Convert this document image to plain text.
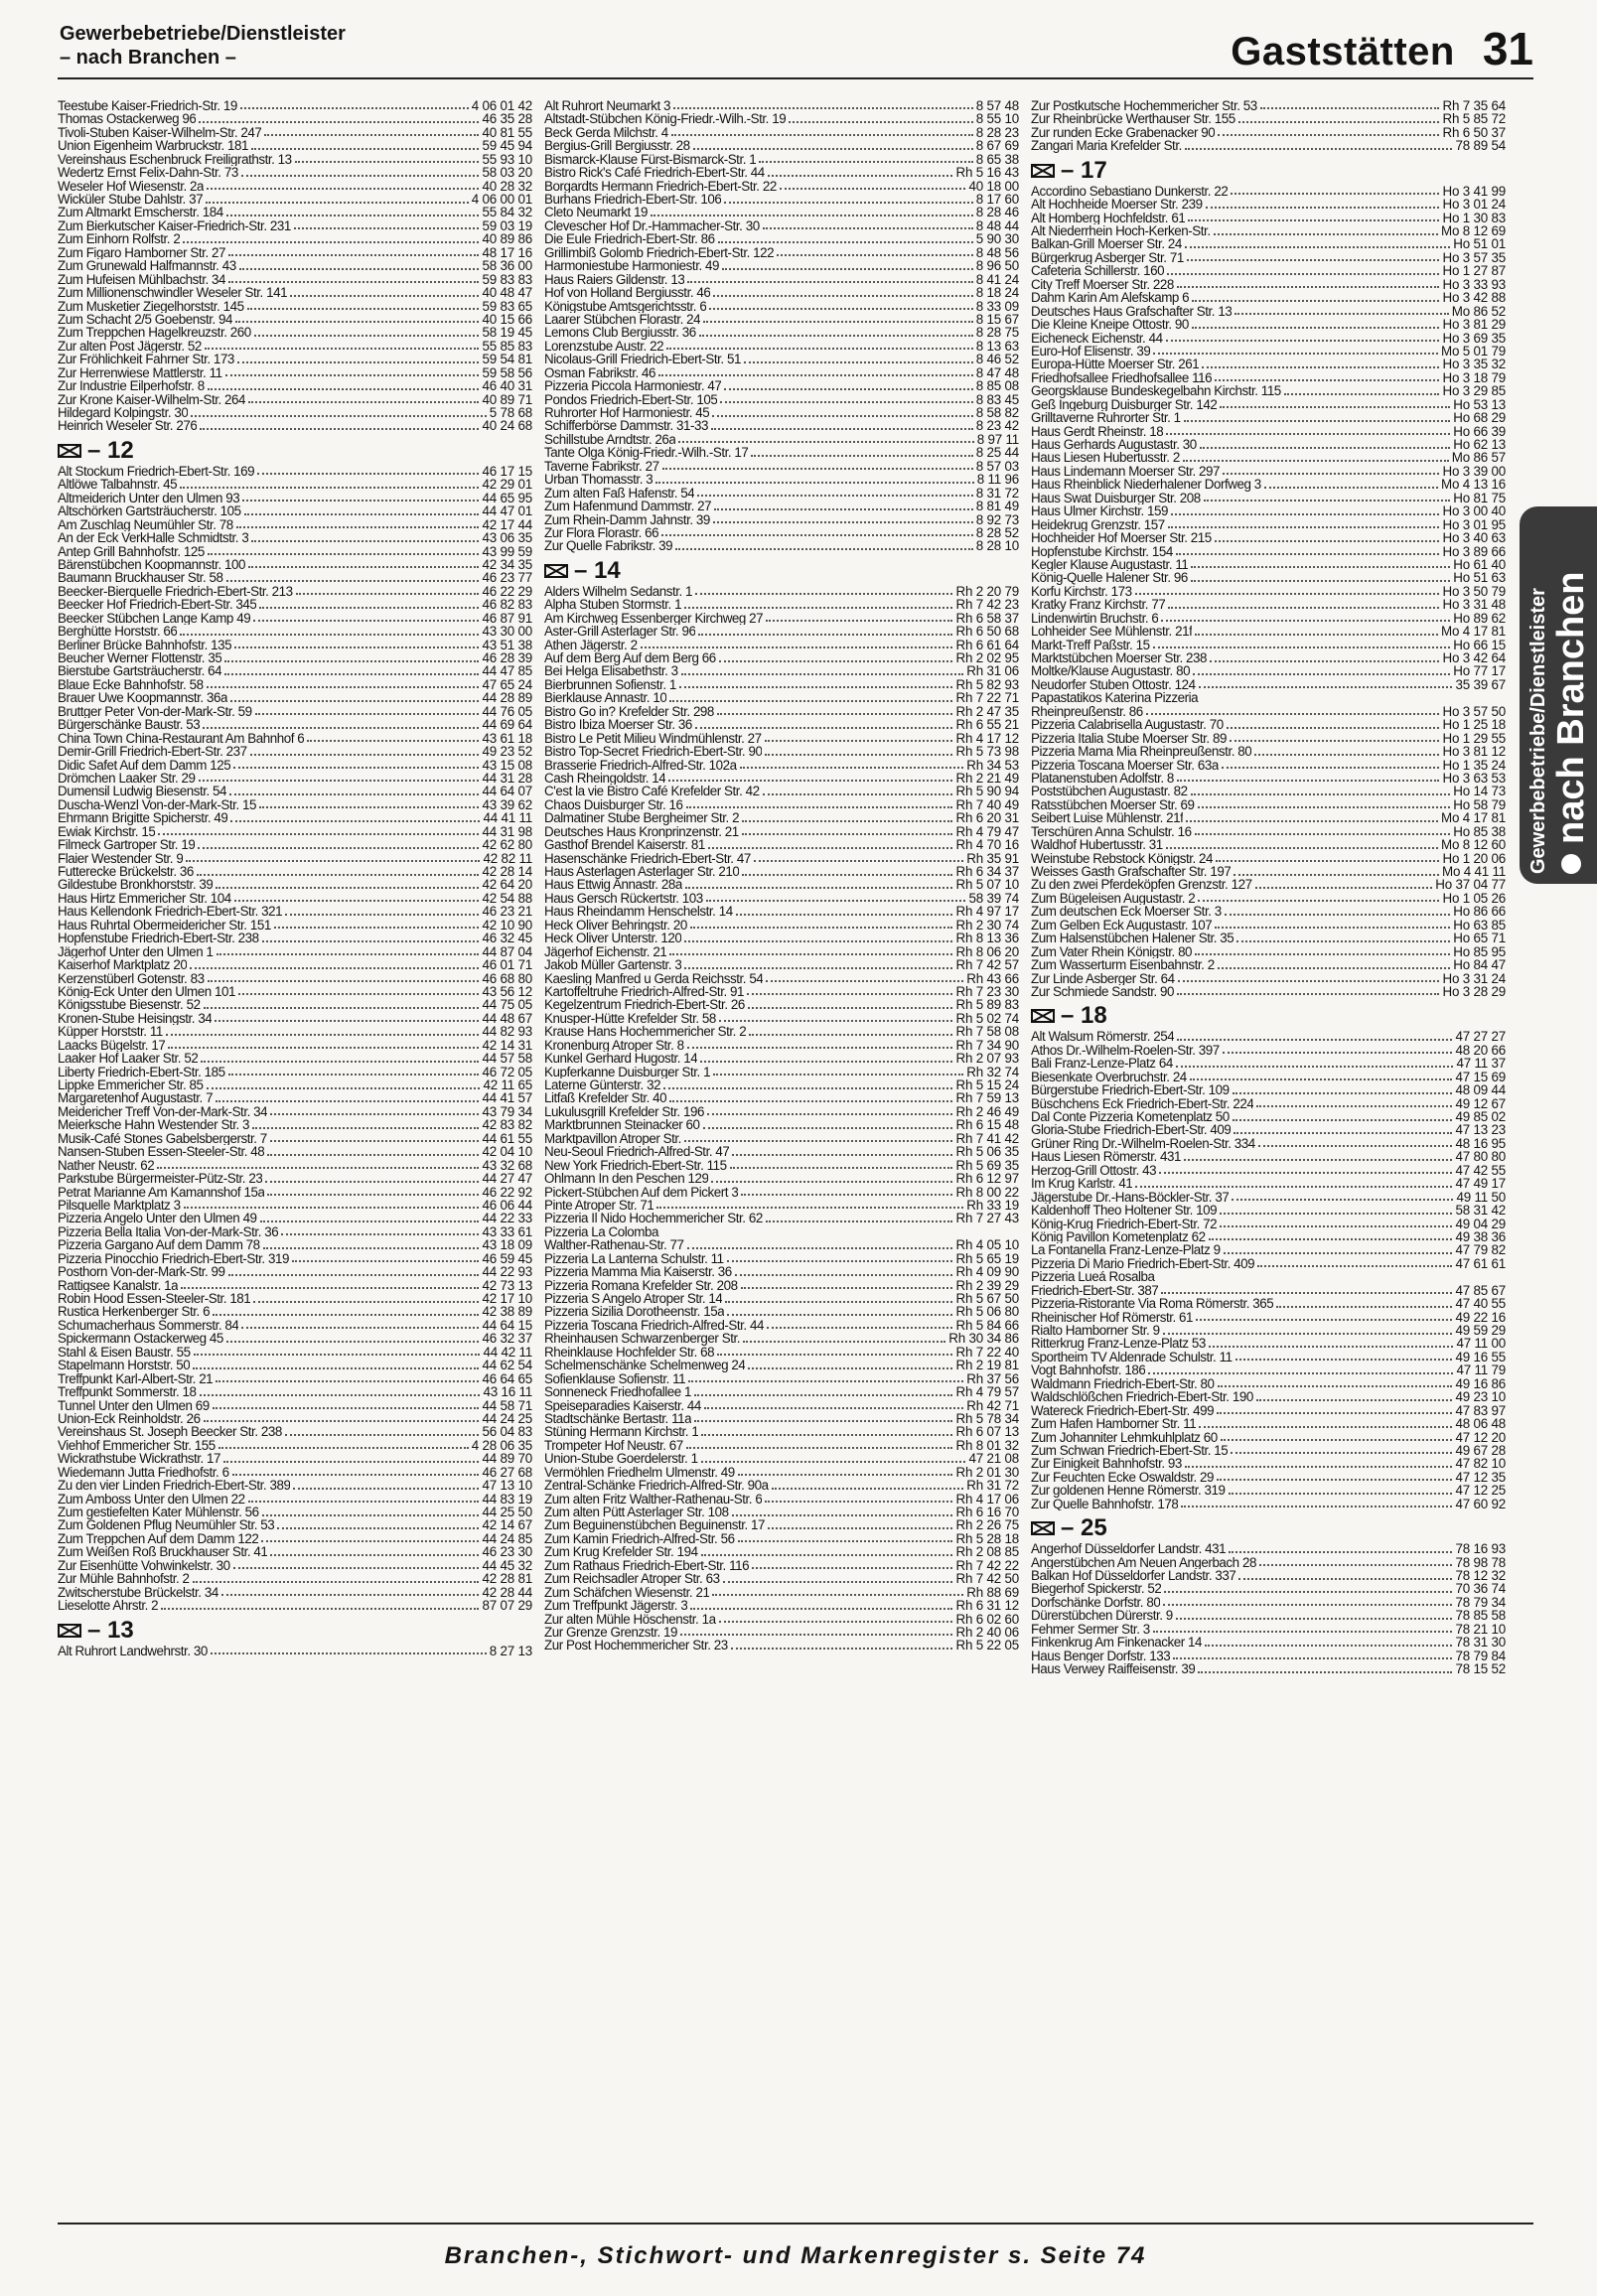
Gewerbebetriebe/Dienstleister
– nach Branchen –	Gaststätten 31
Teestube Kaiser-Friedrich-Str. 19	4 06 01 42
Thomas Ostackerweg 96	46 35 28
Tivoli-Stuben Kaiser-Wilhelm-Str. 247	40 81 55
Union Eigenheim Warbruckstr. 181	59 45 94
Vereinshaus Eschenbruck Freiligrathstr. 13	55 93 10
Wedertz Ernst Felix-Dahn-Str. 73	58 03 20
Weseler Hof Wiesenstr. 2a	40 28 32
Wicküler Stube Dahlstr. 37	4 06 00 01
Zum Altmarkt Emscherstr. 184	55 84 32
Zum Bierkutscher Kaiser-Friedrich-Str. 231	59 03 19
Zum Einhorn Rolfstr. 2	40 89 86
Zum Figaro Hamborner Str. 27	48 17 16
Zum Grunewald Halfmannstr. 43	58 36 00
Zum Hufeisen Mühlbachstr. 34	59 83 83
Zum Millionenschwindler Weseler Str. 141	40 48 47
Zum Musketier Ziegelhorststr. 145	59 83 65
Zum Schacht 2/5 Goebenstr. 94	40 15 66
Zum Treppchen Hagelkreuzstr. 260	58 19 45
Zur alten Post Jägerstr. 52	55 85 83
Zur Fröhlichkeit Fahrner Str. 173	59 54 81
Zur Herrenwiese Mattlerstr. 11	59 58 56
Zur Industrie Eilperhofstr. 8	46 40 31
Zur Krone Kaiser-Wilhelm-Str. 264	40 89 71
Hildegard Kolpingstr. 30	5 78 68
Heinrich Weseler Str. 276	40 24 68
– 12
Alt Stockum Friedrich-Ebert-Str. 169	46 17 15
Altlöwe Talbahnstr. 45	42 29 01
Altmeiderich Unter den Ulmen 93	44 65 95
Altschörken Gartsträucherstr. 105	44 47 01
Am Zuschlag Neumühler Str. 78	42 17 44
An der Eck VerkHalle Schmidtstr. 3	43 06 35
Antep Grill Bahnhofstr. 125	43 99 59
Bärenstübchen Koopmannstr. 100	42 34 35
Baumann Bruckhauser Str. 58	46 23 77
Beecker-Bierquelle Friedrich-Ebert-Str. 213	46 22 29
Beecker Hof Friedrich-Ebert-Str. 345	46 82 83
Beecker Stübchen Lange Kamp 49	46 87 91
Berghütte Horststr. 66	43 30 00
Berliner Brücke Bahnhofstr. 135	43 51 38
Beucher Werner Flottenstr. 35	46 28 39
Bierstube Gartsträucherstr. 64	44 47 85
Blaue Ecke Bahnhofstr. 58	47 65 24
Brauer Uwe Koopmannstr. 36a	44 28 89
Bruttger Peter Von-der-Mark-Str. 59	44 76 05
Bürgerschänke Baustr. 53	44 69 64
China Town China-Restaurant Am Bahnhof 6	43 61 18
Demir-Grill Friedrich-Ebert-Str. 237	49 23 52
Didic Safet Auf dem Damm 125	43 15 08
Drömchen Laaker Str. 29	44 31 28
Dumensil Ludwig Biesenstr. 54	44 64 07
Duscha-Wenzl Von-der-Mark-Str. 15	43 39 62
Ehrmann Brigitte Spicherstr. 49	44 41 11
Ewiak Kirchstr. 15	44 31 98
Filmeck Gartroper Str. 19	42 62 80
Flaier Westender Str. 9	42 82 11
Futterecke Brückelstr. 36	42 28 14
Gildestube Bronkhorststr. 39	42 64 20
Haus Hirtz Emmericher Str. 104	42 54 88
Haus Kellendonk Friedrich-Ebert-Str. 321	46 23 21
Haus Ruhrtal Obermeidericher Str. 151	42 10 90
Hopfenstube Friedrich-Ebert-Str. 238	46 32 45
Jägerhof Unter den Ulmen 1	44 87 04
Kaiserhof Marktplatz 20	46 01 71
Kerzenstüberl Gotenstr. 83	46 68 80
König-Eck Unter den Ulmen 101	43 56 12
Königsstube Biesenstr. 52	44 75 05
Kronen-Stube Heisingstr. 34	44 48 67
Küpper Horststr. 11	44 82 93
Laacks Bügelstr. 17	42 14 31
Laaker Hof Laaker Str. 52	44 57 58
Liberty Friedrich-Ebert-Str. 185	46 72 05
Lippke Emmericher Str. 85	42 11 65
Margaretenhof Augustastr. 7	44 41 57
Meidericher Treff Von-der-Mark-Str. 34	43 79 34
Meierksche Hahn Westender Str. 3	42 83 82
Musik-Café Stones Gabelsbergerstr. 7	44 61 55
Nansen-Stuben Essen-Steeler-Str. 48	42 04 10
Nather Neustr. 62	43 32 68
Parkstube Bürgermeister-Pütz-Str. 23	44 27 47
Petrat Marianne Am Kamannshof 15a	46 22 92
Pilsquelle Marktplatz 3	46 06 44
Pizzeria Angelo Unter den Ulmen 49	44 22 33
Pizzeria Bella Italia Von-der-Mark-Str. 36	43 33 61
Pizzeria Gargano Auf dem Damm 78	43 18 09
Pizzeria Pinocchio Friedrich-Ebert-Str. 319	46 59 45
Posthorn Von-der-Mark-Str. 99	44 22 93
Rattigsee Kanalstr. 1a	42 73 13
Robin Hood Essen-Steeler-Str. 181	42 17 10
Rustica Herkenberger Str. 6	42 38 89
Schumacherhaus Sommerstr. 84	44 64 15
Spickermann Ostackerweg 45	46 32 37
Stahl & Eisen Baustr. 55	44 42 11
Stapelmann Horststr. 50	44 62 54
Treffpunkt Karl-Albert-Str. 21	46 64 65
Treffpunkt Sommerstr. 18	43 16 11
Tunnel Unter den Ulmen 69	44 58 71
Union-Eck Reinholdstr. 26	44 24 25
Vereinshaus St. Joseph Beecker Str. 238	56 04 83
Viehhof Emmericher Str. 155	4 28 06 35
Wickrathstube Wickrathstr. 17	44 89 70
Wiedemann Jutta Friedhofstr. 6	46 27 68
Zu den vier Linden Friedrich-Ebert-Str. 389	47 13 10
Zum Amboss Unter den Ulmen 22	44 83 19
Zum gestiefelten Kater Mühlenstr. 56	44 25 50
Zum Goldenen Pflug Neumühler Str. 53	42 14 67
Zum Treppchen Auf dem Damm 122	44 24 85
Zum Weißen Roß Bruckhauser Str. 41	46 23 30
Zur Eisenhütte Vohwinkelstr. 30	44 45 32
Zur Mühle Bahnhofstr. 2	42 28 81
Zwitscherstube Brückelstr. 34	42 28 44
Lieselotte Ahrstr. 2	87 07 29
– 13
Alt Ruhrort Landwehrstr. 30	8 27 13
Alt Ruhrort Neumarkt 3	8 57 48
Altstadt-Stübchen König-Friedr.-Wilh.-Str. 19	8 55 10
Beck Gerda Milchstr. 4	8 28 23
Bergius-Grill Bergiusstr. 28	8 67 69
Bismarck-Klause Fürst-Bismarck-Str. 1	8 65 38
Bistro Rick's Café Friedrich-Ebert-Str. 44	Rh 5 16 43
Borgardts Hermann Friedrich-Ebert-Str. 22	40 18 00
Burhans Friedrich-Ebert-Str. 106	8 17 60
Cleto Neumarkt 19	8 28 46
Clevescher Hof Dr.-Hammacher-Str. 30	8 48 44
Die Eule Friedrich-Ebert-Str. 86	5 90 30
Grillimbiß Golomb Friedrich-Ebert-Str. 122	8 48 56
Harmoniestube Harmoniestr. 49	8 96 50
Haus Raiers Gildenstr. 13	8 41 24
Hof von Holland Bergiusstr. 46	8 18 24
Königstube Amtsgerichtsstr. 6	8 33 09
Laarer Stübchen Florastr. 24	8 15 67
Lemons Club Bergiusstr. 36	8 28 75
Lorenzstube Austr. 22	8 13 63
Nicolaus-Grill Friedrich-Ebert-Str. 51	8 46 52
Osman Fabrikstr. 46	8 47 48
Pizzeria Piccola Harmoniestr. 47	8 85 08
Pondos Friedrich-Ebert-Str. 105	8 83 45
Ruhrorter Hof Harmoniestr. 45	8 58 82
Schifferbörse Dammstr. 31-33	8 23 42
Schillstube Arndtstr. 26a	8 97 11
Tante Olga König-Friedr.-Wilh.-Str. 17	8 25 44
Taverne Fabrikstr. 27	8 57 03
Urban Thomasstr. 3	8 11 96
Zum alten Faß Hafenstr. 54	8 31 72
Zum Hafenmund Dammstr. 27	8 81 49
Zum Rhein-Damm Jahnstr. 39	8 92 73
Zur Flora Florastr. 66	8 28 52
Zur Quelle Fabrikstr. 39	8 28 10
– 14
Alders Wilhelm Sedanstr. 1	Rh 2 20 79
Alpha Stuben Stormstr. 1	Rh 7 42 23
Am Kirchweg Essenberger Kirchweg 27	Rh 6 58 37
Aster-Grill Asterlager Str. 96	Rh 6 50 68
Athen Jägerstr. 2	Rh 6 61 64
Auf dem Berg Auf dem Berg 66	Rh 2 02 95
Bei Helga Elisabethstr. 3	Rh 31 06
Bierbrunnen Sofienstr. 1	Rh 5 82 93
Bierklause Annastr. 10	Rh 7 22 71
Bistro Go in? Krefelder Str. 298	Rh 2 47 35
Bistro Ibiza Moerser Str. 36	Rh 6 55 21
Bistro Le Petit Milieu Windmühlenstr. 27	Rh 4 17 12
Bistro Top-Secret Friedrich-Ebert-Str. 90	Rh 5 73 98
Brasserie Friedrich-Alfred-Str. 102a	Rh 34 53
Cash Rheingoldstr. 14	Rh 2 21 49
C'est la vie Bistro Café Krefelder Str. 42	Rh 5 90 94
Chaos Duisburger Str. 16	Rh 7 40 49
Dalmatiner Stube Bergheimer Str. 2	Rh 6 20 31
Deutsches Haus Kronprinzenstr. 21	Rh 4 79 47
Gasthof Brendel Kaiserstr. 81	Rh 4 70 16
Hasenschänke Friedrich-Ebert-Str. 47	Rh 35 91
Haus Asterlagen Asterlager Str. 210	Rh 6 34 37
Haus Ettwig Annastr. 28a	Rh 5 07 10
Haus Gersch Rückertstr. 103	58 39 74
Haus Rheindamm Henschelstr. 14	Rh 4 97 17
Heck Oliver Behringstr. 20	Rh 2 30 74
Heck Oliver Unterstr. 120	Rh 8 13 36
Jägerhof Eichenstr. 21	Rh 8 06 20
Jakob Müller Gartenstr. 3	Rh 7 42 57
Kaesling Manfred u Gerda Reichsstr. 54	Rh 43 66
Kartoffeltruhe Friedrich-Alfred-Str. 91	Rh 7 23 30
Kegelzentrum Friedrich-Ebert-Str. 26	Rh 5 89 83
Knusper-Hütte Krefelder Str. 58	Rh 5 02 74
Krause Hans Hochemmericher Str. 2	Rh 7 58 08
Kronenburg Atroper Str. 8	Rh 7 34 90
Kunkel Gerhard Hugostr. 14	Rh 2 07 93
Kupferkanne Duisburger Str. 1	Rh 32 74
Laterne Günterstr. 32	Rh 5 15 24
Litfaß Krefelder Str. 40	Rh 7 59 13
Lukulusgrill Krefelder Str. 196	Rh 2 46 49
Marktbrunnen Steinacker 60	Rh 6 15 48
Marktpavillon Atroper Str.	Rh 7 41 42
Neu-Seoul Friedrich-Alfred-Str. 47	Rh 5 06 35
New York Friedrich-Ebert-Str. 115	Rh 5 69 35
Ohlmann In den Peschen 129	Rh 6 12 97
Pickert-Stübchen Auf dem Pickert 3	Rh 8 00 22
Pinte Atroper Str. 71	Rh 33 19
Pizzeria Il Nido Hochemmericher Str. 62	Rh 7 27 43
Pizzeria La Colomba
Walther-Rathenau-Str. 77	Rh 4 05 10
Pizzeria La Lanterna Schulstr. 11	Rh 5 65 19
Pizzeria Mamma Mia Kaiserstr. 36	Rh 4 09 90
Pizzeria Romana Krefelder Str. 208	Rh 2 39 29
Pizzeria S Angelo Atroper Str. 14	Rh 5 67 50
Pizzeria Sizilia Dorotheenstr. 15a	Rh 5 06 80
Pizzeria Toscana Friedrich-Alfred-Str. 44	Rh 5 84 66
Rheinhausen Schwarzenberger Str.	Rh 30 34 86
Rheinklause Hochfelder Str. 68	Rh 7 22 40
Schelmenschänke Schelmenweg 24	Rh 2 19 81
Sofienklause Sofienstr. 11	Rh 37 56
Sonneneck Friedhofallee 1	Rh 4 79 57
Speiseparadies Kaiserstr. 44	Rh 42 71
Stadtschänke Bertastr. 11a	Rh 5 78 34
Stüning Hermann Kirchstr. 1	Rh 6 07 13
Trompeter Hof Neustr. 67	Rh 8 01 32
Union-Stube Goerdelerstr. 1	47 21 08
Vermöhlen Friedhelm Ulmenstr. 49	Rh 2 01 30
Zentral-Schänke Friedrich-Alfred-Str. 90a	Rh 31 72
Zum alten Fritz Walther-Rathenau-Str. 6	Rh 4 17 06
Zum alten Pütt Asterlager Str. 108	Rh 6 16 70
Zum Beguinenstübchen Beguinenstr. 17	Rh 2 26 75
Zum Kamin Friedrich-Alfred-Str. 56	Rh 5 28 18
Zum Krug Krefelder Str. 194	Rh 2 08 85
Zum Rathaus Friedrich-Ebert-Str. 116	Rh 7 42 22
Zum Reichsadler Atroper Str. 63	Rh 7 42 50
Zum Schäfchen Wiesenstr. 21	Rh 88 69
Zum Treffpunkt Jägerstr. 3	Rh 6 31 12
Zur alten Mühle Höschenstr. 1a	Rh 6 02 60
Zur Grenze Grenzstr. 19	Rh 2 40 06
Zur Post Hochemmericher Str. 23	Rh 5 22 05
Zur Postkutsche Hochemmericher Str. 53	Rh 7 35 64
Zur Rheinbrücke Werthauser Str. 155	Rh 5 85 72
Zur runden Ecke Grabenacker 90	Rh 6 50 37
Zangari Maria Krefelder Str.	78 89 54
– 17
Accordino Sebastiano Dunkerstr. 22	Ho 3 41 99
Alt Hochheide Moerser Str. 239	Ho 3 01 24
Alt Homberg Hochfeldstr. 61	Ho 1 30 83
Alt Niederrhein Hoch-Kerken-Str.	Mo 8 12 69
Balkan-Grill Moerser Str. 24	Ho 51 01
Bürgerkrug Asberger Str. 71	Ho 3 57 35
Cafeteria Schillerstr. 160	Ho 1 27 87
City Treff Moerser Str. 228	Ho 3 33 93
Dahm Karin Am Alefskamp 6	Ho 3 42 88
Deutsches Haus Grafschafter Str. 13	Mo 86 52
Die Kleine Kneipe Ottostr. 90	Ho 3 81 29
Eicheneck Eichenstr. 44	Ho 3 69 35
Euro-Hof Elisenstr. 39	Mo 5 01 79
Europa-Hütte Moerser Str. 261	Ho 3 35 32
Friedhofsallee Friedhofsallee 116	Ho 3 18 79
Georgsklause Bundeskegelbahn Kirchstr. 115	Ho 3 29 85
Geß Ingeburg Duisburger Str. 142	Ho 53 13
Grilltaverne Ruhrorter Str. 1	Ho 68 29
Haus Gerdt Rheinstr. 18	Ho 66 39
Haus Gerhards Augustastr. 30	Ho 62 13
Haus Liesen Hubertusstr. 2	Mo 86 57
Haus Lindemann Moerser Str. 297	Ho 3 39 00
Haus Rheinblick Niederhalener Dorfweg 3	Mo 4 13 16
Haus Swat Duisburger Str. 208	Ho 81 75
Haus Ulmer Kirchstr. 159	Ho 3 00 40
Heidekrug Grenzstr. 157	Ho 3 01 95
Hochheider Hof Moerser Str. 215	Ho 3 40 63
Hopfenstube Kirchstr. 154	Ho 3 89 66
Kegler Klause Augustastr. 11	Ho 61 40
König-Quelle Halener Str. 96	Ho 51 63
Korfu Kirchstr. 173	Ho 3 50 79
Kratky Franz Kirchstr. 77	Ho 3 31 48
Lindenwirtin Bruchstr. 6	Ho 89 62
Lohheider See Mühlenstr. 21f	Mo 4 17 81
Markt-Treff Paßstr. 15	Ho 66 15
Marktstübchen Moerser Str. 238	Ho 3 42 64
Moltke/Klause Augustastr. 80	Ho 77 17
Neudorfer Stuben Ottostr. 124	35 39 67
Papastatikos Katerina Pizzeria
Rheinpreußenstr. 86	Ho 3 57 50
Pizzeria Calabrisella Augustastr. 70	Ho 1 25 18
Pizzeria Italia Stube Moerser Str. 89	Ho 1 29 55
Pizzeria Mama Mia Rheinpreußenstr. 80	Ho 3 81 12
Pizzeria Toscana Moerser Str. 63a	Ho 1 35 24
Platanenstuben Adolfstr. 8	Ho 3 63 53
Poststübchen Augustastr. 82	Ho 14 73
Ratsstübchen Moerser Str. 69	Ho 58 79
Seibert Luise Mühlenstr. 21f	Mo 4 17 81
Terschüren Anna Schulstr. 16	Ho 85 38
Waldhof Hubertusstr. 31	Mo 8 12 60
Weinstube Rebstock Königstr. 24	Ho 1 20 06
Weisses Gasth Grafschafter Str. 197	Mo 4 41 11
Zu den zwei Pferdeköpfen Grenzstr. 127	Ho 37 04 77
Zum Bügeleisen Augustastr. 2	Ho 1 05 26
Zum deutschen Eck Moerser Str. 3	Ho 86 66
Zum Gelben Eck Augustastr. 107	Ho 63 85
Zum Halsenstübchen Halener Str. 35	Ho 65 71
Zum Vater Rhein Königstr. 80	Ho 85 95
Zum Wasserturm Eisenbahnstr. 2	Ho 84 47
Zur Linde Asberger Str. 64	Ho 3 31 24
Zur Schmiede Sandstr. 90	Ho 3 28 29
– 18
Alt Walsum Römerstr. 254	47 27 27
Athos Dr.-Wilhelm-Roelen-Str. 397	48 20 66
Bali Franz-Lenze-Platz 64	47 11 37
Biesenkate Overbruchstr. 24	47 15 69
Bürgerstube Friedrich-Ebert-Str. 109	48 09 44
Büschchens Eck Friedrich-Ebert-Str. 224	49 12 67
Dal Conte Pizzeria Kometenplatz 50	49 85 02
Gloria-Stube Friedrich-Ebert-Str. 409	47 13 23
Grüner Ring Dr.-Wilhelm-Roelen-Str. 334	48 16 95
Haus Liesen Römerstr. 431	47 80 80
Herzog-Grill Ottostr. 43	47 42 55
Im Krug Karlstr. 41	47 49 17
Jägerstube Dr.-Hans-Böckler-Str. 37	49 11 50
Kaldenhoff Theo Holtener Str. 109	58 31 42
König-Krug Friedrich-Ebert-Str. 72	49 04 29
König Pavillon Kometenplatz 62	49 38 36
La Fontanella Franz-Lenze-Platz 9	47 79 82
Pizzeria Di Mario Friedrich-Ebert-Str. 409	47 61 61
Pizzeria Lueá Rosalba
Friedrich-Ebert-Str. 387	47 85 67
Pizzeria-Ristorante Via Roma Römerstr. 365	47 40 55
Rheinischer Hof Römerstr. 61	49 22 16
Rialto Hamborner Str. 9	49 59 29
Ritterkrug Franz-Lenze-Platz 53	47 11 00
Sportheim TV Aldenrade Schulstr. 11	49 16 55
Vogt Bahnhofstr. 186	47 11 79
Waldmann Friedrich-Ebert-Str. 80	49 16 86
Waldschlößchen Friedrich-Ebert-Str. 190	49 23 10
Watereck Friedrich-Ebert-Str. 499	47 83 97
Zum Hafen Hamborner Str. 11	48 06 48
Zum Johanniter Lehmkuhlplatz 60	47 12 20
Zum Schwan Friedrich-Ebert-Str. 15	49 67 28
Zur Einigkeit Bahnhofstr. 93	47 82 10
Zur Feuchten Ecke Oswaldstr. 29	47 12 35
Zur goldenen Henne Römerstr. 319	47 12 25
Zur Quelle Bahnhofstr. 178	47 60 92
– 25
Angerhof Düsseldorfer Landstr. 431	78 16 93
Angerstübchen Am Neuen Angerbach 28	78 98 78
Balkan Hof Düsseldorfer Landstr. 337	78 12 32
Biegerhof Spickerstr. 52	70 36 74
Dorfschänke Dorfstr. 80	78 79 34
Dürerstübchen Dürerstr. 9	78 85 58
Fehmer Sermer Str. 3	78 21 10
Finkenkrug Am Finkenacker 14	78 31 30
Haus Benger Dorfstr. 133	78 79 84
Haus Verwey Raiffeisenstr. 39	78 15 52
Gewerbebetriebe/Dienstleister nach Branchen
Branchen-, Stichwort- und Markenregister s. Seite 74
